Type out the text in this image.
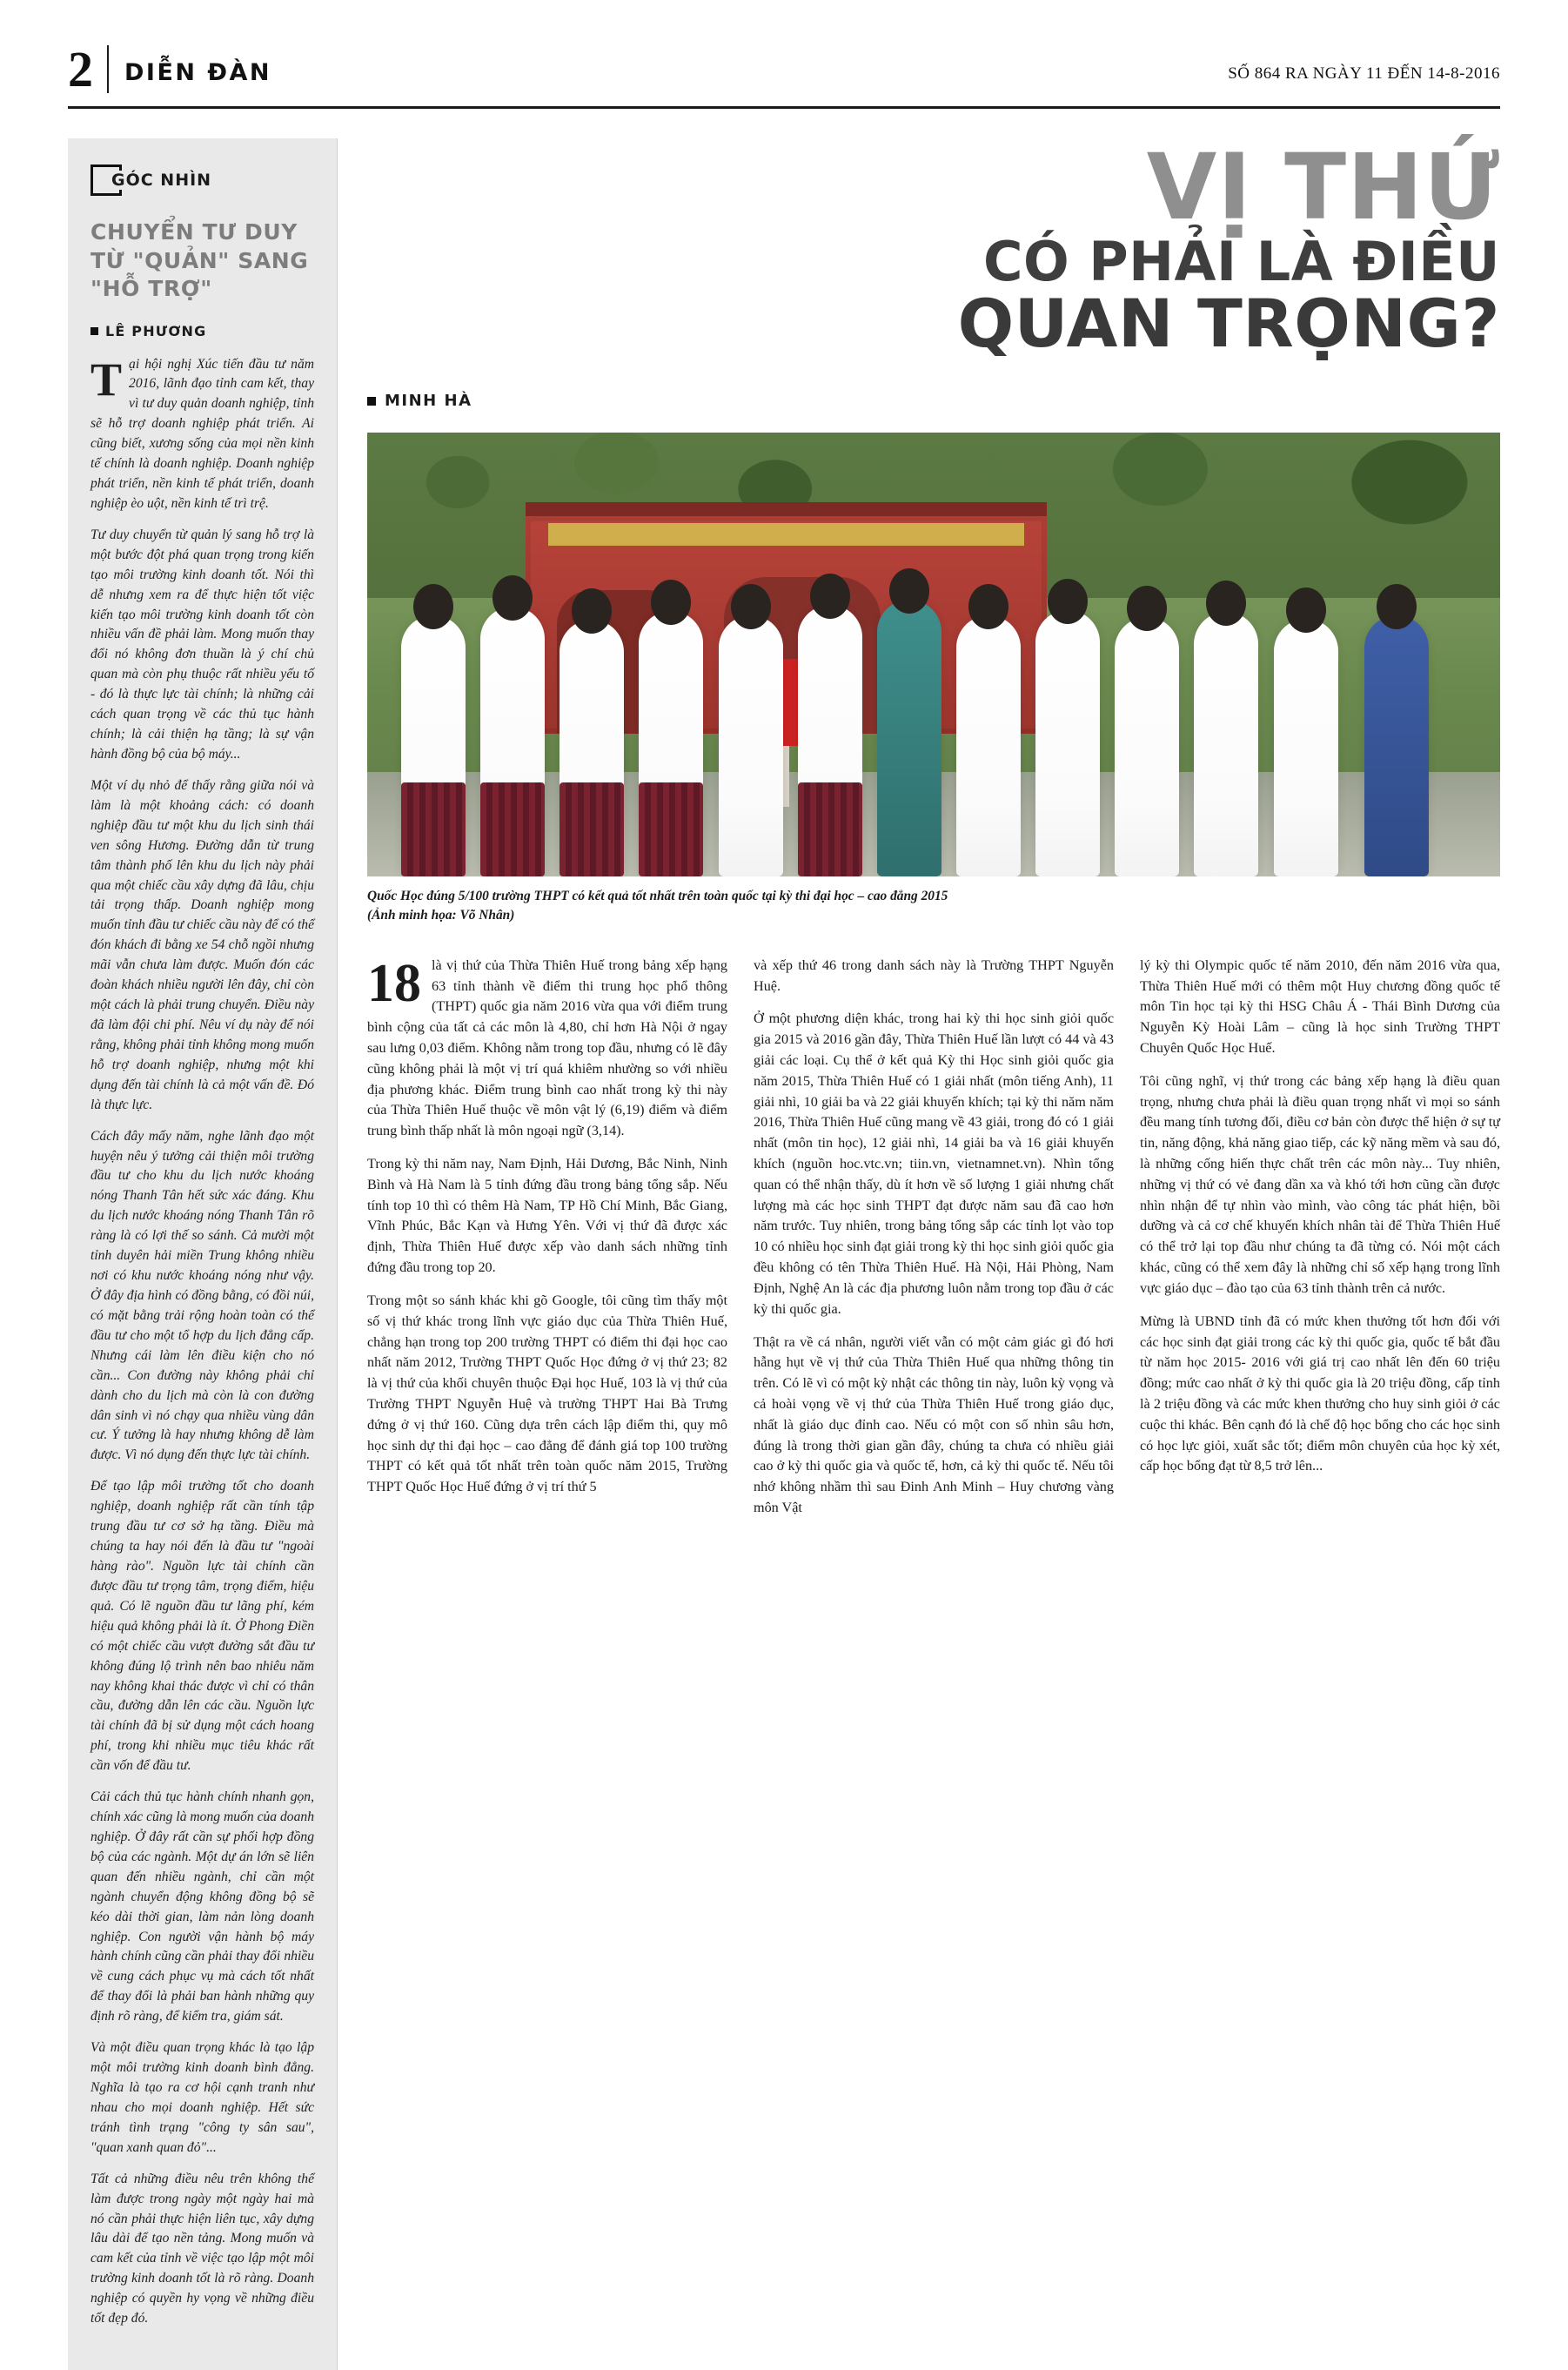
2	DIỄN ĐÀN	SỐ 864 RA NGÀY 11 ĐẾN 14-8-2016
GÓC NHÌN
CHUYỂN TƯ DUY TỪ "QUẢN" SANG "HỖ TRỢ"
LÊ PHƯƠNG

Tại hội nghị Xúc tiến đầu tư năm 2016, lãnh đạo tỉnh cam kết, thay vì tư duy quản doanh nghiệp, tỉnh sẽ hỗ trợ doanh nghiệp phát triển. Ai cũng biết, xương sống của mọi nền kinh tế chính là doanh nghiệp. Doanh nghiệp phát triển, nền kinh tế phát triển, doanh nghiệp èo uột, nền kinh tế trì trệ.

Tư duy chuyển từ quản lý sang hỗ trợ là một bước đột phá quan trọng trong kiến tạo môi trường kinh doanh tốt. Nói thì dễ nhưng xem ra để thực hiện tốt việc kiến tạo môi trường kinh doanh tốt còn nhiều vấn đề phải làm. Mong muốn thay đổi nó không đơn thuần là ý chí chủ quan mà còn phụ thuộc rất nhiều yếu tố - đó là thực lực tài chính; là những cải cách quan trọng về các thủ tục hành chính; là cải thiện hạ tầng; là sự vận hành đồng bộ của bộ máy...

Một ví dụ nhỏ để thấy rằng giữa nói và làm là một khoảng cách: có doanh nghiệp đầu tư một khu du lịch sinh thái ven sông Hương. Đường dẫn từ trung tâm thành phố lên khu du lịch này phải qua một chiếc cầu xây dựng đã lâu, chịu tải trọng thấp. Doanh nghiệp mong muốn tỉnh đầu tư chiếc cầu này để có thể đón khách đi bằng xe 54 chỗ ngồi nhưng mãi vẫn chưa làm được. Muốn đón các đoàn khách nhiều người lên đây, chỉ còn một cách là phải trung chuyển. Điều này đã làm đội chi phí. Nêu ví dụ này để nói rằng, không phải tỉnh không mong muốn hỗ trợ doanh nghiệp, nhưng một khi dụng đến tài chính là cả một vấn đề. Đó là thực lực.

Cách đây mấy năm, nghe lãnh đạo một huyện nêu ý tưởng cải thiện môi trường đầu tư cho khu du lịch nước khoáng nóng Thanh Tân hết sức xác đáng. Khu du lịch nước khoáng nóng Thanh Tân rõ ràng là có lợi thế so sánh. Cả mười một tỉnh duyên hải miền Trung không nhiều nơi có khu nước khoáng nóng như vậy. Ở đây địa hình có đồng bằng, có đồi núi, có mặt bằng trải rộng hoàn toàn có thể đầu tư cho một tổ hợp du lịch đẳng cấp. Nhưng cái làm lên điều kiện cho nó cần... Con đường này không phải chỉ dành cho du lịch mà còn là con đường dân sinh vì nó chạy qua nhiều vùng dân cư. Ý tưởng là hay nhưng không dễ làm được. Vì nó dụng đến thực lực tài chính.

Để tạo lập môi trường tốt cho doanh nghiệp, doanh nghiệp rất cần tính tập trung đầu tư cơ sở hạ tầng. Điều mà chúng ta hay nói đến là đầu tư "ngoài hàng rào". Nguồn lực tài chính cần được đầu tư trọng tâm, trọng điểm, hiệu quả. Có lẽ nguồn đầu tư lãng phí, kém hiệu quả không phải là ít. Ở Phong Điền có một chiếc cầu vượt đường sắt đầu tư không đúng lộ trình nên bao nhiêu năm nay không khai thác được vì chỉ có thân cầu, đường dẫn lên các cầu. Nguồn lực tài chính đã bị sử dụng một cách hoang phí, trong khi nhiều mục tiêu khác rất cần vốn để đầu tư.

Cải cách thủ tục hành chính nhanh gọn, chính xác cũng là mong muốn của doanh nghiệp. Ở đây rất cần sự phối hợp đồng bộ của các ngành. Một dự án lớn sẽ liên quan đến nhiều ngành, chỉ cần một ngành chuyển động không đồng bộ sẽ kéo dài thời gian, làm nản lòng doanh nghiệp. Con người vận hành bộ máy hành chính cũng cần phải thay đổi nhiều về cung cách phục vụ mà cách tốt nhất để thay đổi là phải ban hành những quy định rõ ràng, để kiểm tra, giám sát.

Và một điều quan trọng khác là tạo lập một môi trường kinh doanh bình đẳng. Nghĩa là tạo ra cơ hội cạnh tranh như nhau cho mọi doanh nghiệp. Hết sức tránh tình trạng "công ty sân sau", "quan xanh quan đỏ"...

Tất cả những điều nêu trên không thể làm được trong ngày một ngày hai mà nó cần phải thực hiện liên tục, xây dựng lâu dài để tạo nền tảng. Mong muốn và cam kết của tỉnh về việc tạo lập một môi trường kinh doanh tốt là rõ ràng. Doanh nghiệp có quyền hy vọng về những điều tốt đẹp đó.

VỊ THỨ
CÓ PHẢI LÀ ĐIỀU
QUAN TRỌNG?
MINH HÀ
Quốc Học đúng 5/100 trường THPT có kết quả tốt nhất trên toàn quốc tại kỳ thi đại học – cao đẳng 2015
(Ảnh minh họa: Võ Nhân)

18 là vị thứ của Thừa Thiên Huế trong bảng xếp hạng 63 tỉnh thành về điểm thi trung học phổ thông (THPT) quốc gia năm 2016 vừa qua với điểm trung bình cộng của tất cả các môn là 4,80, chỉ hơn Hà Nội ở ngay sau lưng 0,03 điểm. Không nằm trong top đầu, nhưng có lẽ đây cũng không phải là một vị trí quá khiêm nhường so với nhiều địa phương khác. Điểm trung bình cao nhất trong kỳ thi này của Thừa Thiên Huế thuộc về môn vật lý (6,19) điểm và điểm trung bình thấp nhất là môn ngoại ngữ (3,14).

Trong kỳ thi năm nay, Nam Định, Hải Dương, Bắc Ninh, Ninh Bình và Hà Nam là 5 tỉnh đứng đầu trong bảng tổng sắp. Nếu tính top 10 thì có thêm Hà Nam, TP Hồ Chí Minh, Bắc Giang, Vĩnh Phúc, Bắc Kạn và Hưng Yên. Với vị thứ đã được xác định, Thừa Thiên Huế được xếp vào danh sách những tỉnh đứng đầu trong top 20.

Trong một so sánh khác khi gõ Google, tôi cũng tìm thấy một số vị thứ khác trong lĩnh vực giáo dục của Thừa Thiên Huế, chẳng hạn trong top 200 trường THPT có điểm thi đại học cao nhất năm 2012, Trường THPT Quốc Học đứng ở vị thứ 23; 82 là vị thứ của khối chuyên thuộc Đại học Huế, 103 là vị thứ của Trường THPT Nguyễn Huệ và trường THPT Hai Bà Trưng đứng ở vị thứ 160. Cũng dựa trên cách lập điểm thi, quy mô học sinh dự thi đại học – cao đẳng để đánh giá top 100 trường THPT có kết quả tốt nhất trên toàn quốc năm 2015, Trường THPT Quốc Học Huế đứng ở vị trí thứ 5

và xếp thứ 46 trong danh sách này là Trường THPT Nguyễn Huệ.

Ở một phương diện khác, trong hai kỳ thi học sinh giỏi quốc gia 2015 và 2016 gần đây, Thừa Thiên Huế lần lượt có 44 và 43 giải các loại. Cụ thể ở kết quả Kỳ thi Học sinh giỏi quốc gia năm 2015, Thừa Thiên Huế có 1 giải nhất (môn tiếng Anh), 11 giải nhì, 10 giải ba và 22 giải khuyến khích; tại kỳ thi năm năm 2016, Thừa Thiên Huế cũng mang về 43 giải, trong đó có 1 giải nhất (môn tin học), 12 giải nhì, 14 giải ba và 16 giải khuyến khích (nguồn hoc.vtc.vn; tiin.vn, vietnamnet.vn). Nhìn tổng quan có thể nhận thấy, dù ít hơn về số lượng 1 giải nhưng chất lượng mà các học sinh THPT đạt được năm sau đã cao hơn năm trước. Tuy nhiên, trong bảng tổng sắp các tỉnh lọt vào top 10 có nhiều học sinh đạt giải trong kỳ thi học sinh giỏi quốc gia đều không có tên Thừa Thiên Huế. Hà Nội, Hải Phòng, Nam Định, Nghệ An là các địa phương luôn nằm trong top đầu ở các kỳ thi quốc gia.

Thật ra về cá nhân, người viết vẫn có một cảm giác gì đó hơi hẫng hụt về vị thứ của Thừa Thiên Huế qua những thông tin trên. Có lẽ vì có một kỳ nhật các thông tin này, luôn kỳ vọng và cả hoài vọng về vị thứ của Thừa Thiên Huế trong giáo dục, nhất là giáo dục đỉnh cao. Nếu có một con số nhìn sâu hơn, đúng là trong thời gian gần đây, chúng ta chưa có nhiều giải cao ở kỳ thi quốc gia và quốc tế, hơn, cả kỳ thi quốc tế. Nếu tôi nhớ không nhầm thì sau Đinh Anh Minh – Huy chương vàng môn Vật

lý kỳ thi Olympic quốc tế năm 2010, đến năm 2016 vừa qua, Thừa Thiên Huế mới có thêm một Huy chương đồng quốc tế môn Tin học tại kỳ thi HSG Châu Á - Thái Bình Dương của Nguyễn Kỳ Hoài Lâm – cũng là học sinh Trường THPT Chuyên Quốc Học Huế.

Tôi cũng nghĩ, vị thứ trong các bảng xếp hạng là điều quan trọng, nhưng chưa phải là điều quan trọng nhất vì mọi so sánh đều mang tính tương đối, điều cơ bản còn được thể hiện ở sự tự tin, năng động, khả năng giao tiếp, các kỹ năng mềm và sau đó, là những cống hiến thực chất trên các môn này... Tuy nhiên, những vị thứ có vẻ đang dần xa và khó tới hơn cũng cần được nhìn nhận để tự nhìn vào mình, vào công tác phát hiện, bồi dưỡng và cả cơ chế khuyến khích nhân tài để Thừa Thiên Huế có thể trở lại top đầu như chúng ta đã từng có. Nói một cách khác, cũng có thể xem đây là những chỉ số xếp hạng trong lĩnh vực giáo dục – đào tạo của 63 tỉnh thành trên cả nước.

Mừng là UBND tỉnh đã có mức khen thưởng tốt hơn đối với các học sinh đạt giải trong các kỳ thi quốc gia, quốc tế bắt đầu từ năm học 2015- 2016 với giá trị cao nhất lên đến 60 triệu đồng; mức cao nhất ở kỳ thi quốc gia là 20 triệu đồng, cấp tỉnh là 2 triệu đồng và các mức khen thưởng cho huy sinh giỏi ở các cuộc thi khác. Bên cạnh đó là chế độ học bổng cho các học sinh có học lực giỏi, xuất sắc tốt; điểm môn chuyên của học kỳ xét, cấp học bổng đạt từ 8,5 trở lên...
